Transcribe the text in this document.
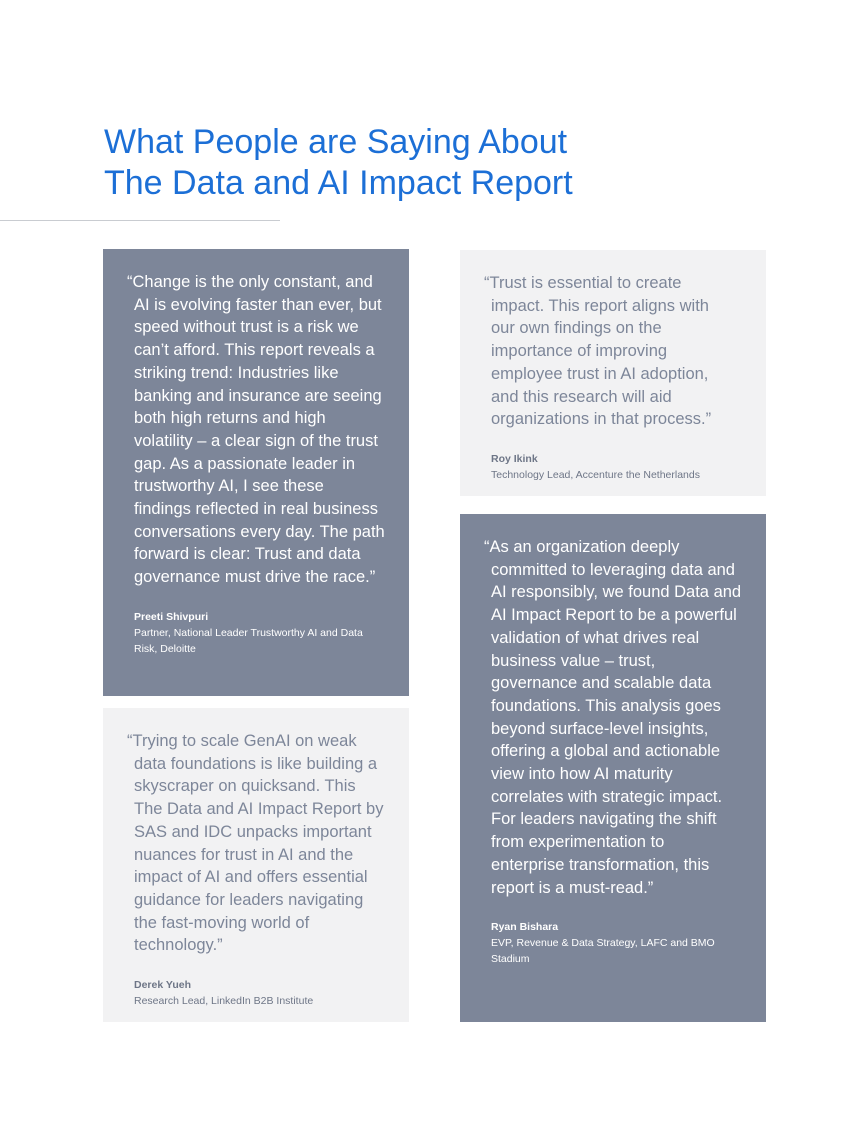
What People are Saying About
The Data and AI Impact Report

“Change is the only constant, and AI is evolving faster than ever, but speed without trust is a risk we can’t afford. This report reveals a striking trend: Industries like banking and insurance are seeing both high returns and high volatility – a clear sign of the trust gap. As a passionate leader in trustworthy AI, I see these findings reflected in real business conversations every day. The path forward is clear: Trust and data governance must drive the race.”

Preeti Shivpuri

Partner, National Leader Trustworthy AI and Data Risk, Deloitte

“Trust is essential to create impact. This report aligns with our own findings on the importance of improving employee trust in AI adoption, and this research will aid organizations in that process.”

Roy Ikink

Technology Lead, Accenture the Netherlands

“As an organization deeply committed to leveraging data and AI responsibly, we found Data and AI Impact Report to be a powerful validation of what drives real business value – trust, governance and scalable data foundations. This analysis goes beyond surface-level insights, offering a global and actionable view into how AI maturity correlates with strategic impact. For leaders navigating the shift from experimentation to enterprise transformation, this report is a must-read.”

Ryan Bishara

EVP, Revenue & Data Strategy, LAFC and BMO Stadium

“Trying to scale GenAI on weak data foundations is like building a skyscraper on quicksand. This The Data and AI Impact Report by SAS and IDC unpacks important nuances for trust in AI and the impact of AI and offers essential guidance for leaders navigating the fast-moving world of technology.”

Derek Yueh

Research Lead, LinkedIn B2B Institute
